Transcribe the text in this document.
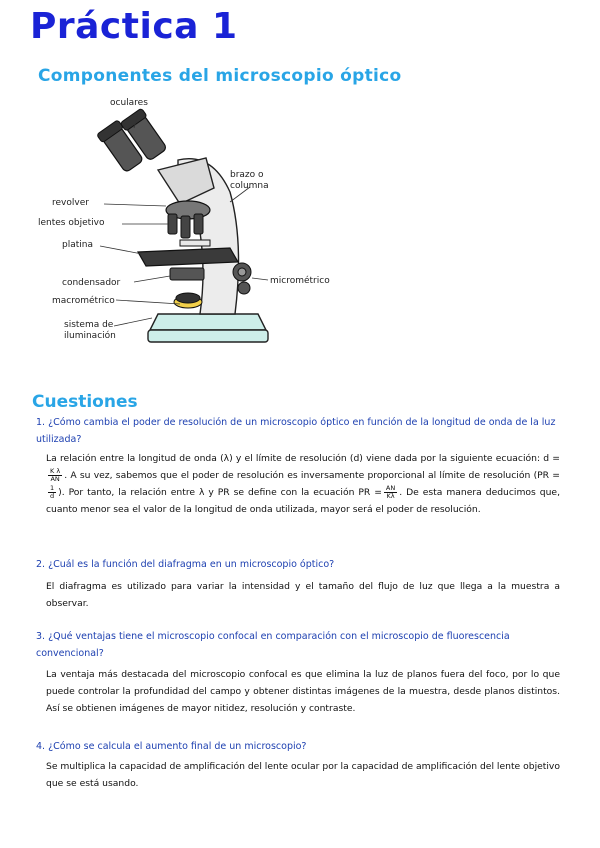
Práctica 1
Componentes del microscopio óptico
oculares
brazo o
columna
revolver
lentes objetivo
platina
condensador
macrométrico
micrométrico
sistema de
iluminación
Cuestiones

1. ¿Cómo cambia el poder de resolución de un microscopio óptico en función de la longitud de onda de la luz utilizada?

La relación entre la longitud de onda (λ) y el límite de resolución (d) viene dada por la siguiente ecuación: d =
$\frac{\text{K λ}}{AN}$ . A su vez, sabemos que el poder de resolución es inversamente proporcional al límite de resolución (PR =
$\frac{1}{d}$ ). Por tanto, la relación entre λ y PR se define con la ecuación PR = $\frac{AN}{K\lambda}$ . De esta manera deducimos que, cuanto menor sea el valor de la longitud de onda utilizada, mayor será el poder de resolución.

2. ¿Cuál es la función del diafragma en un microscopio óptico?

El diafragma es utilizado para variar la intensidad y el tamaño del flujo de luz que llega a la muestra a observar.

3. ¿Qué ventajas tiene el microscopio confocal en comparación con el microscopio de fluorescencia convencional?

La ventaja más destacada del microscopio confocal es que elimina la luz de planos fuera del foco, por lo que puede controlar la profundidad del campo y obtener distintas imágenes de la muestra, desde planos distintos. Así se obtienen imágenes de mayor nitidez, resolución y contraste.

4. ¿Cómo se calcula el aumento final de un microscopio?

Se multiplica la capacidad de amplificación del lente ocular por la capacidad de amplificación del lente objetivo que se está usando.
